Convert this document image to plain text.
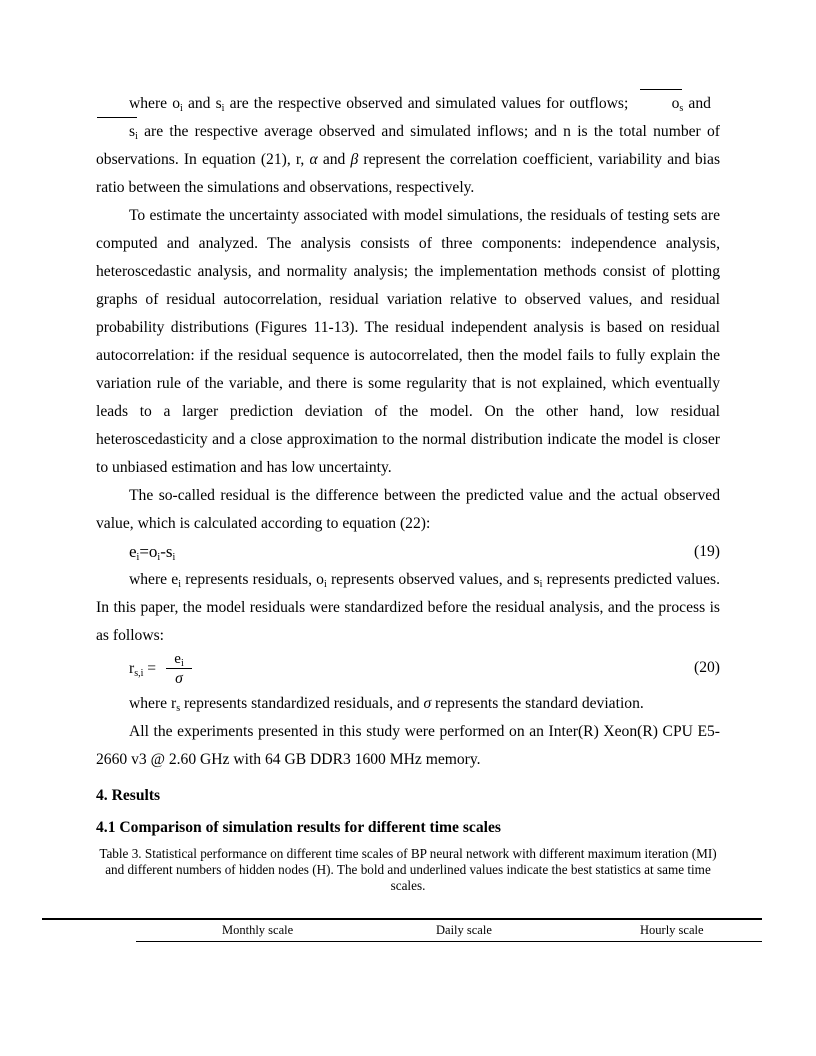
where $o_i$ and $s_i$ are the respective observed and simulated values for outflows;  $o_s$ and  $s_i$ are the respective average observed and simulated inflows; and n is the total number of observations. In equation (21), r, α and β represent the correlation coefficient, variability and bias ratio between the simulations and observations, respectively.

To estimate the uncertainty associated with model simulations, the residuals of testing sets are computed and analyzed. The analysis consists of three components: independence analysis, heteroscedastic analysis, and normality analysis; the implementation methods consist of plotting graphs of residual autocorrelation, residual variation relative to observed values, and residual probability distributions (Figures 11-13). The residual independent analysis is based on residual autocorrelation: if the residual sequence is autocorrelated, then the model fails to fully explain the variation rule of the variable, and there is some regularity that is not explained, which eventually leads to a larger prediction deviation of the model. On the other hand, low residual heteroscedasticity and a close approximation to the normal distribution indicate the model is closer to unbiased estimation and has low uncertainty.

The so-called residual is the difference between the predicted value and the actual observed value, which is calculated according to equation (22):

$e_i=o_i-s_i$	(19)

where $e_i$ represents residuals, $o_i$ represents observed values, and $s_i$ represents predicted values. In this paper, the model residuals were standardized before the residual analysis, and the process is as follows:

$r_{s,i} = \frac{e_i}{\sigma}$	(20)

where $r_s$ represents standardized residuals, and σ represents the standard deviation.

All the experiments presented in this study were performed on an Inter(R) Xeon(R) CPU E5-2660 v3 @ 2.60 GHz with 64 GB DDR3 1600 MHz memory.

4. Results
4.1 Comparison of simulation results for different time scales

Table 3. Statistical performance on different time scales of BP neural network with different maximum iteration (MI) and different numbers of hidden nodes (H). The bold and underlined values indicate the best statistics at same time scales.

Monthly scale	Daily scale	Hourly scale
